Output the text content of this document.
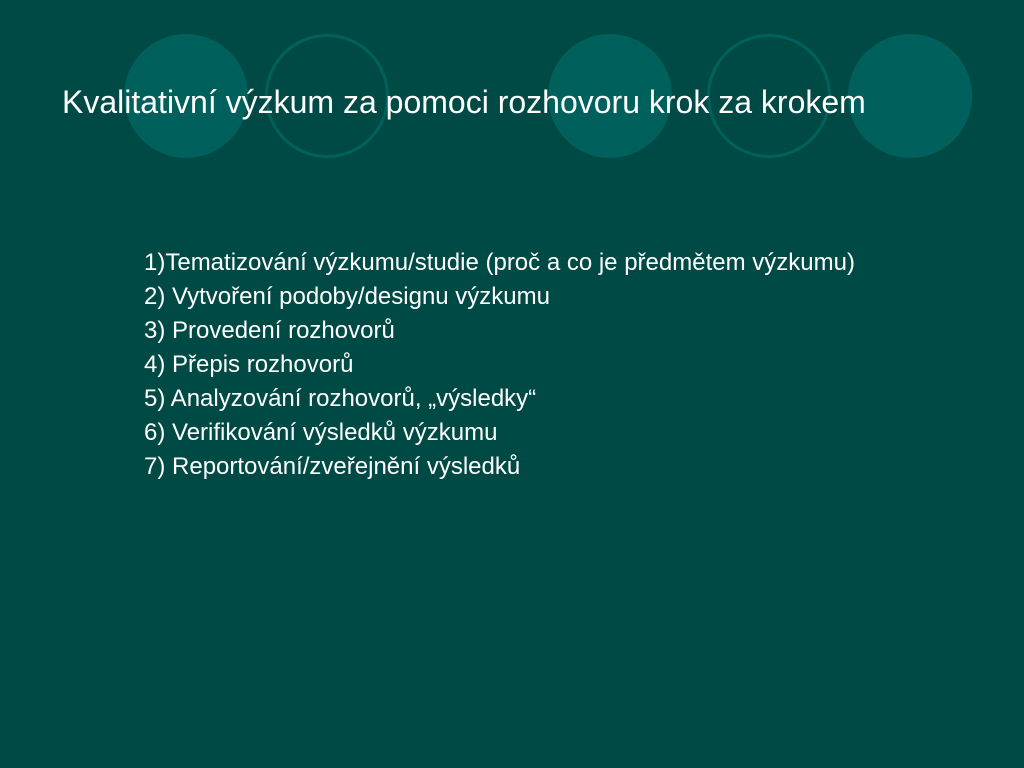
Kvalitativní výzkum za pomoci rozhovoru krok za krokem
1)Tematizování výzkumu/studie (proč a co je předmětem výzkumu)
2) Vytvoření podoby/designu výzkumu
3) Provedení rozhovorů
4) Přepis rozhovorů
5) Analyzování rozhovorů, „výsledky“
6) Verifikování výsledků výzkumu
7) Reportování/zveřejnění výsledků
